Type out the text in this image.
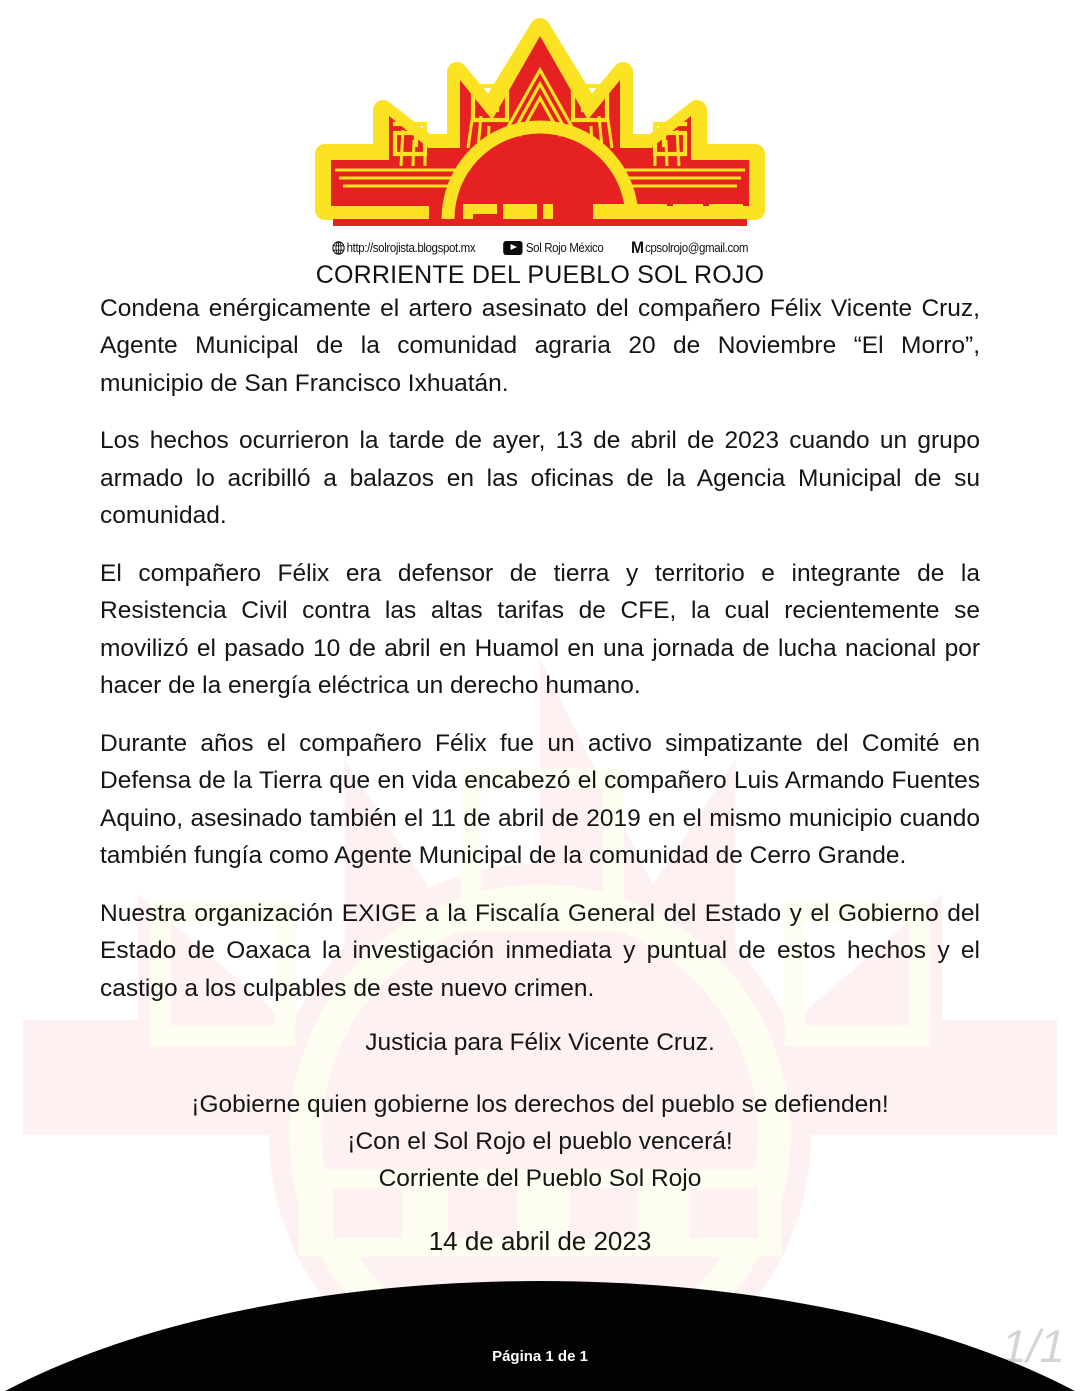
1/1
http://solrojista.blogspot.mx	Sol Rojo México M cpsolrojo@gmail.com
CORRIENTE DEL PUEBLO SOL ROJO

Condena enérgicamente el artero asesinato del compañero Félix Vicente Cruz, Agente Municipal de la comunidad agraria 20 de Noviembre “El Morro”, municipio de San Francisco Ixhuatán.

Los hechos ocurrieron la tarde de ayer, 13 de abril de 2023 cuando un grupo armado lo acribilló a balazos en las oficinas de la Agencia Municipal de su comunidad.

El compañero Félix era defensor de tierra y territorio e integrante de la Resistencia Civil contra las altas tarifas de CFE, la cual recientemente se movilizó el pasado 10 de abril en Huamol en una jornada de lucha nacional por hacer de la energía eléctrica un derecho humano.

Durante años el compañero Félix fue un activo simpatizante del Comité en Defensa de la Tierra que en vida encabezó el compañero Luis Armando Fuentes Aquino, asesinado también el 11 de abril de 2019 en el mismo municipio cuando también fungía como Agente Municipal de la comunidad de Cerro Grande.

Nuestra organización EXIGE a la Fiscalía General del Estado y el Gobierno del Estado de Oaxaca la investigación inmediata y puntual de estos hechos y el castigo a los culpables de este nuevo crimen.

Justicia para Félix Vicente Cruz.
¡Gobierne quien gobierne los derechos del pueblo se defienden!
¡Con el Sol Rojo el pueblo vencerá!
Corriente del Pueblo Sol Rojo
14 de abril de 2023
Página 1 de 1
